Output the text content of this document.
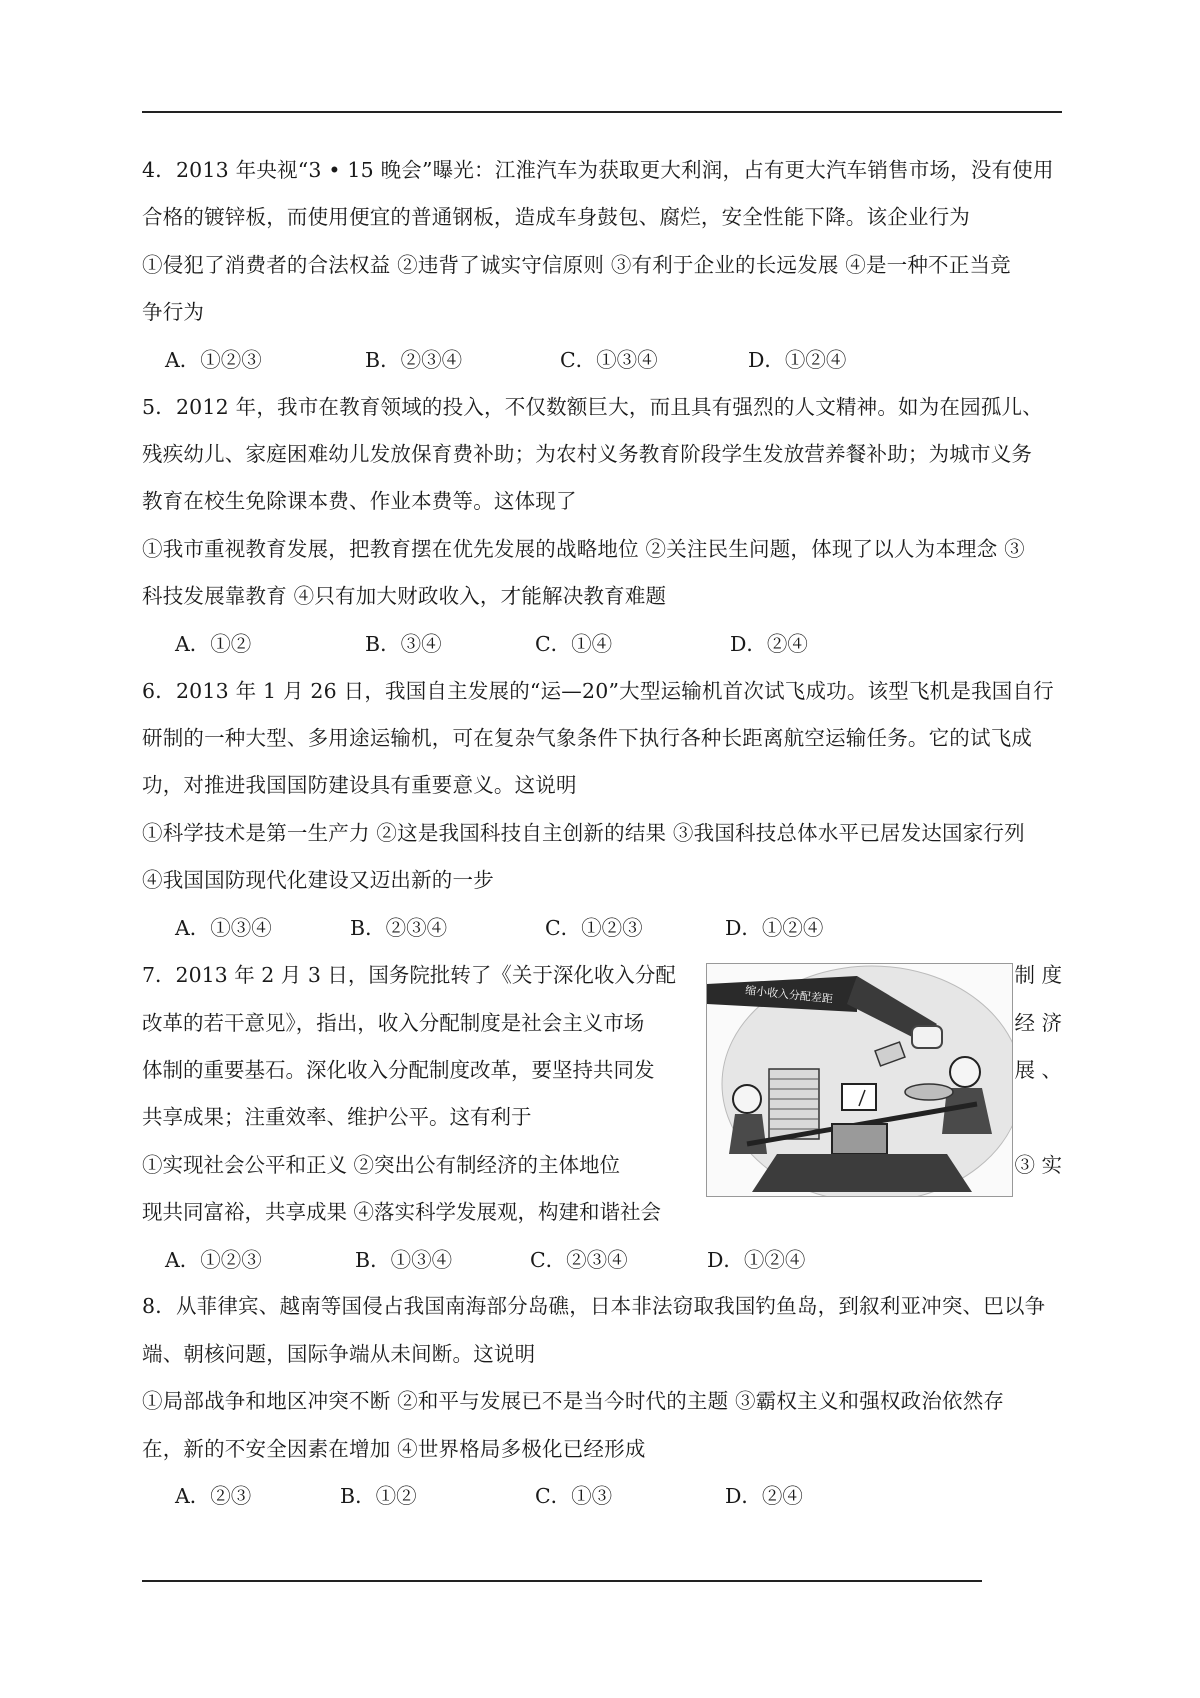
4．2013 年央视“3 • 15 晚会”曝光：江淮汽车为获取更大利润，占有更大汽车销售市场，没有使用
合格的镀锌板，而使用便宜的普通钢板，造成车身鼓包、腐烂，安全性能下降。该企业行为
①侵犯了消费者的合法权益 ②违背了诚实守信原则 ③有利于企业的长远发展 ④是一种不正当竞
争行为
A．①②③	B．②③④	C．①③④	D．①②④
5．2012 年，我市在教育领域的投入，不仅数额巨大，而且具有强烈的人文精神。如为在园孤儿、
残疾幼儿、家庭困难幼儿发放保育费补助；为农村义务教育阶段学生发放营养餐补助；为城市义务
教育在校生免除课本费、作业本费等。这体现了
①我市重视教育发展，把教育摆在优先发展的战略地位 ②关注民生问题，体现了以人为本理念 ③
科技发展靠教育 ④只有加大财政收入，才能解决教育难题
A．①②	B．③④	C．①④	D．②④
6．2013 年 1 月 26 日，我国自主发展的“运—20”大型运输机首次试飞成功。该型飞机是我国自行
研制的一种大型、多用途运输机，可在复杂气象条件下执行各种长距离航空运输任务。它的试飞成
功，对推进我国国防建设具有重要意义。这说明
①科学技术是第一生产力 ②这是我国科技自主创新的结果 ③我国科技总体水平已居发达国家行列
④我国国防现代化建设又迈出新的一步
A．①③④	B．②③④	C．①②③	D．①②④
7．2013 年 2 月 3 日，国务院批转了《关于深化收入分配	制 度
改革的若干意见》，指出，收入分配制度是社会主义市场	经 济
体制的重要基石。深化收入分配制度改革，要坚持共同发	展 、
共享成果；注重效率、维护公平。这有利于
①实现社会公平和正义 ②突出公有制经济的主体地位	③ 实
现共同富裕，共享成果 ④落实科学发展观，构建和谐社会
缩小收入分配差距
A．①②③	B．①③④	C．②③④	D．①②④
8．从菲律宾、越南等国侵占我国南海部分岛礁，日本非法窃取我国钓鱼岛，到叙利亚冲突、巴以争
端、朝核问题，国际争端从未间断。这说明
①局部战争和地区冲突不断 ②和平与发展已不是当今时代的主题 ③霸权主义和强权政治依然存
在，新的不安全因素在增加 ④世界格局多极化已经形成
A．②③	B．①②	C．①③	D．②④
